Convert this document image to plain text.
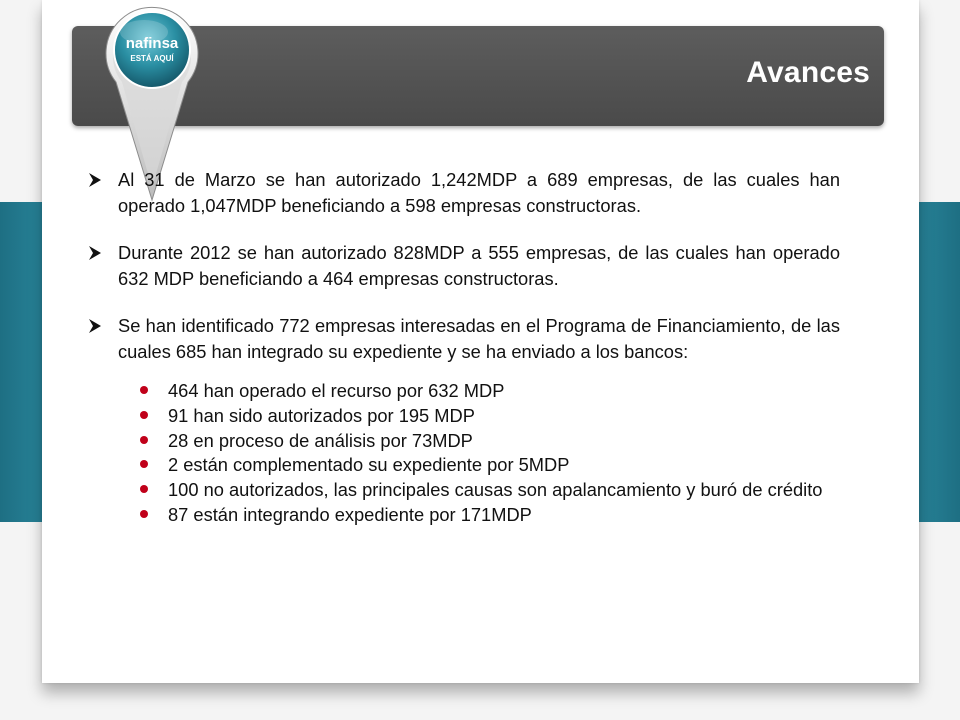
Avances
nafinsa
ESTÁ AQUÍ
Al 31 de Marzo se han autorizado 1,242MDP a 689 empresas, de las cuales han operado 1,047MDP beneficiando a 598 empresas constructoras.
Durante 2012 se han autorizado 828MDP a 555 empresas, de las cuales han operado 632 MDP beneficiando a 464 empresas constructoras.
Se han identificado 772 empresas interesadas en el Programa de Financiamiento, de las cuales 685 han integrado su expediente y se ha enviado a los bancos:
464 han operado el recurso por 632 MDP
91 han sido autorizados por 195 MDP
28 en proceso de análisis por 73MDP
2 están complementado su expediente por 5MDP
100 no autorizados, las principales causas son apalancamiento y buró de crédito
87 están integrando expediente por 171MDP
